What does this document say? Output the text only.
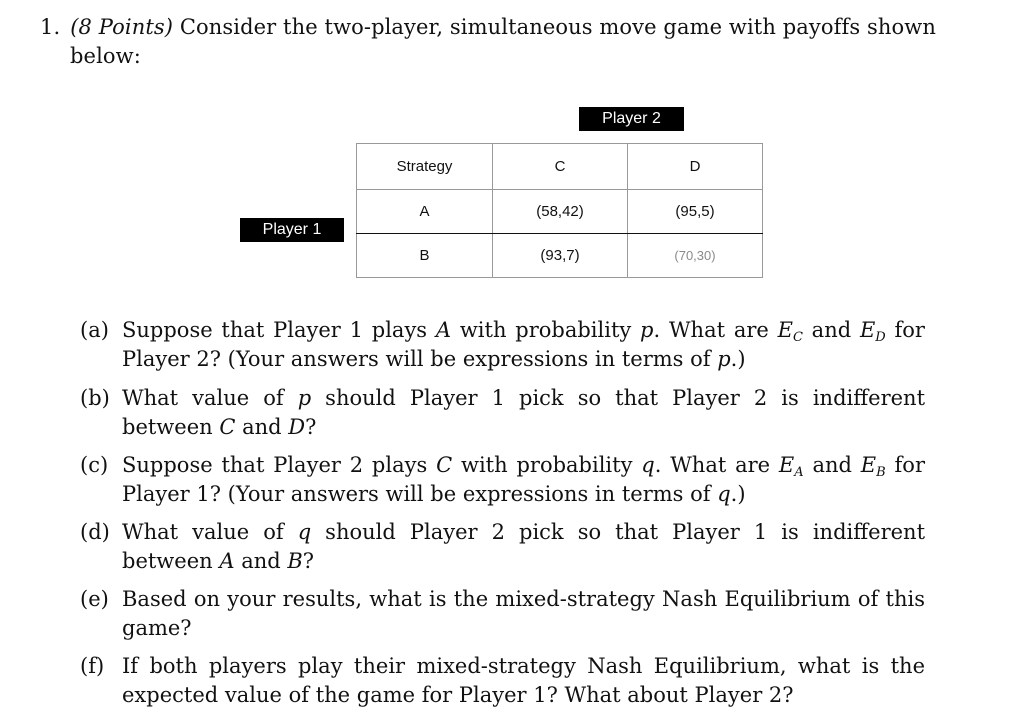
1. (8 Points) Consider the two-player, simultaneous move game with payoffs shown
below:
Player 2
Player 1
Strategy	C	D
A	(58,42)	(95,5)
B	(93,7)	(70,30)
(a) Suppose that Player 1 plays A with probability p. What are $E_C$ and $E_D$ for Player 2? (Your answers will be expressions in terms of p.)
(b) What value of p should Player 1 pick so that Player 2 is indifferent between C and D?
(c) Suppose that Player 2 plays C with probability q. What are $E_A$ and $E_B$ for Player 1? (Your answers will be expressions in terms of q.)
(d) What value of q should Player 2 pick so that Player 1 is indifferent between A and B?
(e) Based on your results, what is the mixed-strategy Nash Equilibrium of this game?
(f) If both players play their mixed-strategy Nash Equilibrium, what is the expected value of the game for Player 1? What about Player 2?
